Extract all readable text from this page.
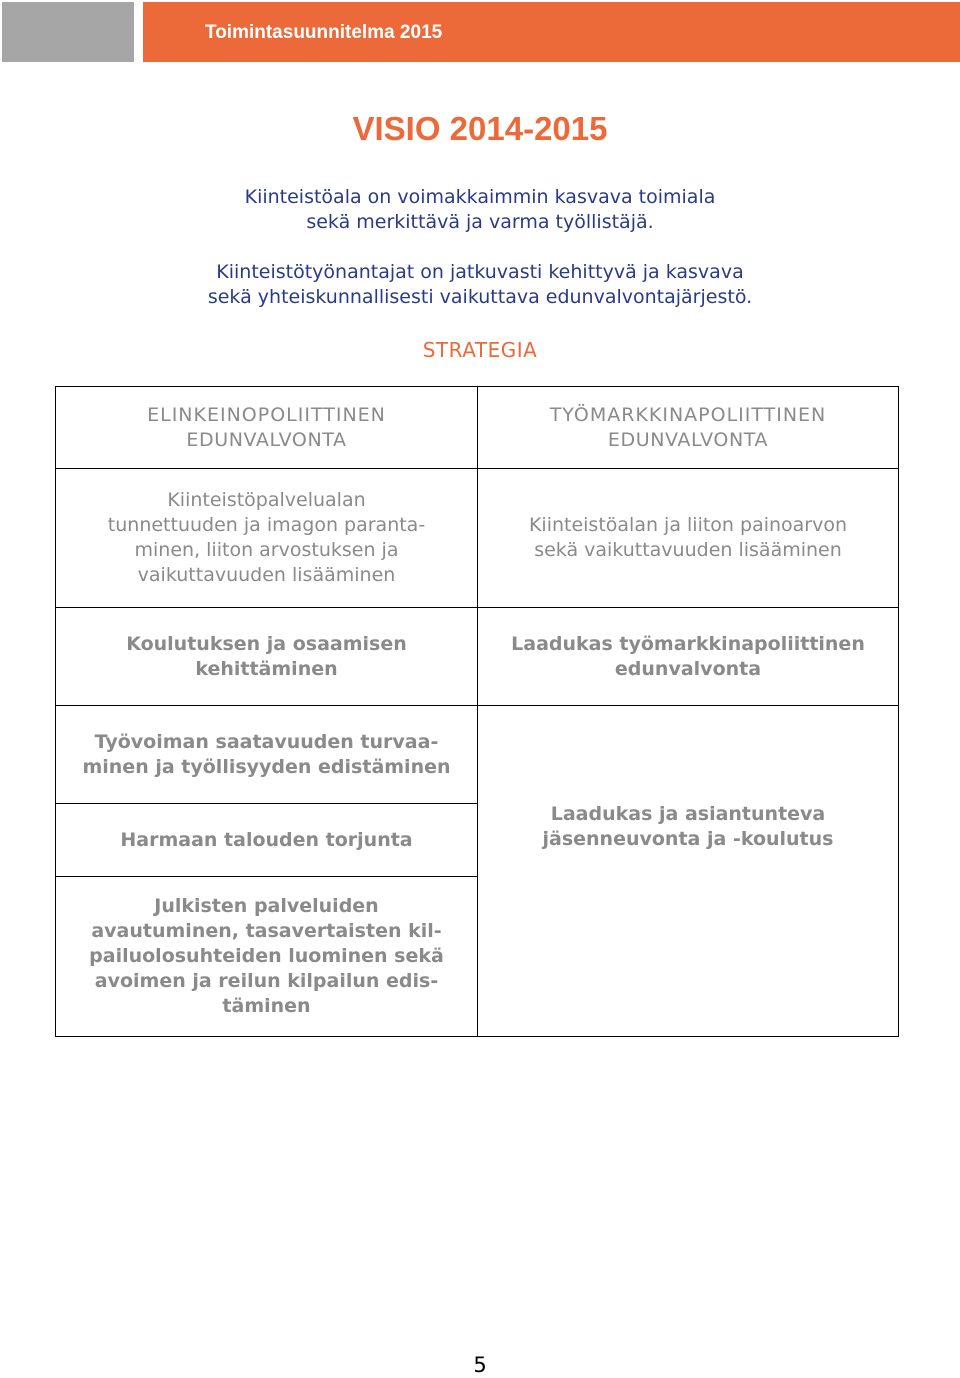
Toimintasuunnitelma 2015
VISIO 2014-2015
Kiinteistöala on voimakkaimmin kasvava toimiala
sekä merkittävä ja varma työllistäjä.
Kiinteistötyönantajat on jatkuvasti kehittyvä ja kasvava
sekä yhteiskunnallisesti vaikuttava edunvalvontajärjestö.
STRATEGIA
ELINKEINOPOLIITTINEN
EDUNVALVONTA
Kiinteistöpalvelualan
tunnettuuden ja imagon paranta-
minen, liiton arvostuksen ja
vaikuttavuuden lisääminen
Koulutuksen ja osaamisen
kehittäminen
Työvoiman saatavuuden turvaa-
minen ja työllisyyden edistäminen
Harmaan talouden torjunta
Julkisten palveluiden
avautuminen, tasavertaisten kil-
pailuolosuhteiden luominen sekä
avoimen ja reilun kilpailun edis-
täminen
TYÖMARKKINAPOLIITTINEN
EDUNVALVONTA
Kiinteistöalan ja liiton painoarvon
sekä vaikuttavuuden lisääminen
Laadukas työmarkkinapoliittinen
edunvalvonta
Laadukas ja asiantunteva
jäsenneuvonta ja -koulutus
5
